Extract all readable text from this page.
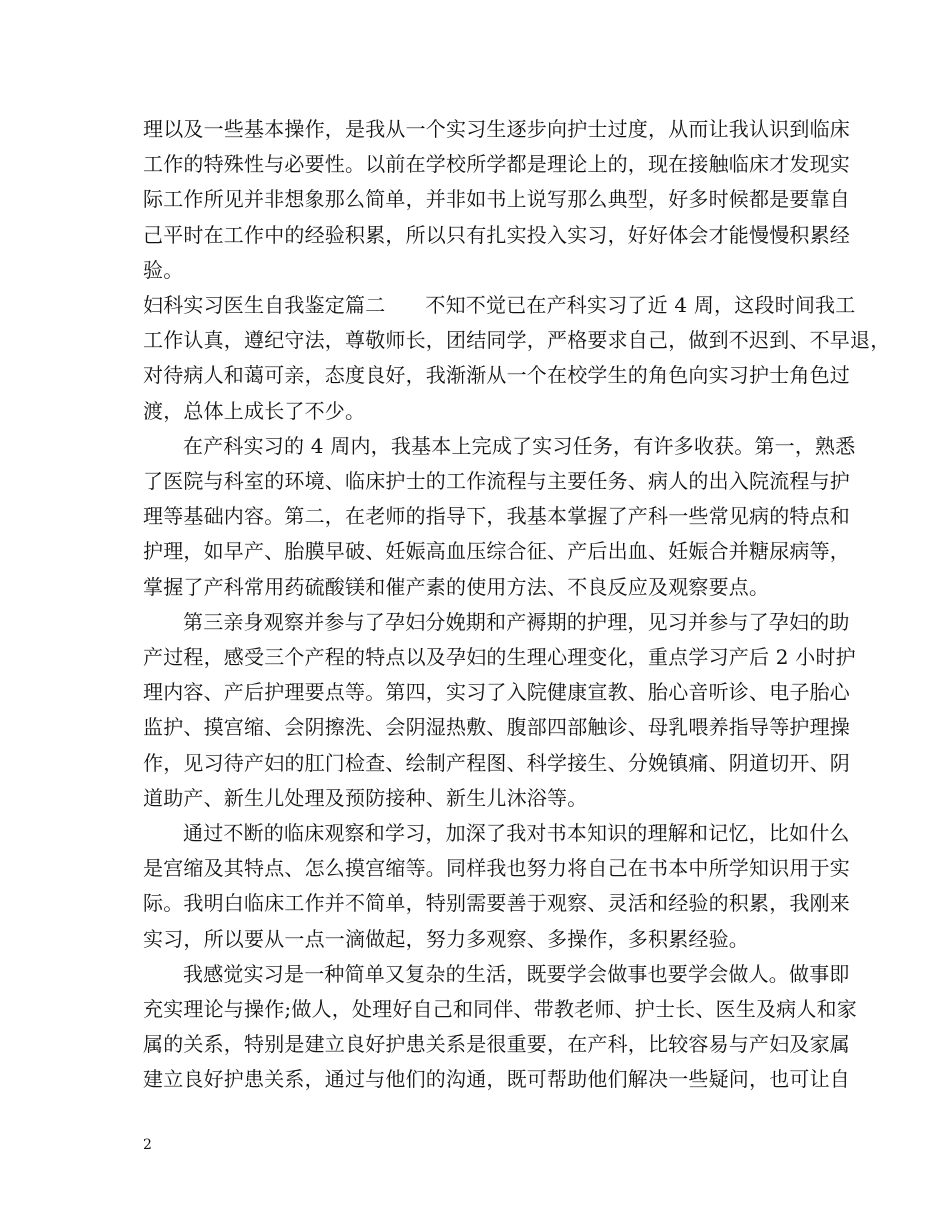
理以及一些基本操作，是我从一个实习生逐步向护士过度，从而让我认识到临床
工作的特殊性与必要性。以前在学校所学都是理论上的，现在接触临床才发现实
际工作所见并非想象那么简单，并非如书上说写那么典型，好多时候都是要靠自
己平时在工作中的经验积累，所以只有扎实投入实习，好好体会才能慢慢积累经
验。
妇科实习医生自我鉴定篇二 不知不觉已在产科实习了近 4 周，这段时间我工
工作认真，遵纪守法，尊敬师长，团结同学，严格要求自己，做到不迟到、不早退，
对待病人和蔼可亲，态度良好，我渐渐从一个在校学生的角色向实习护士角色过
渡，总体上成长了不少。
在产科实习的 4 周内，我基本上完成了实习任务，有许多收获。第一，熟悉
了医院与科室的环境、临床护士的工作流程与主要任务、病人的出入院流程与护
理等基础内容。第二，在老师的指导下，我基本掌握了产科一些常见病的特点和
护理，如早产、胎膜早破、妊娠高血压综合征、产后出血、妊娠合并糖尿病等，
掌握了产科常用药硫酸镁和催产素的使用方法、不良反应及观察要点。
第三亲身观察并参与了孕妇分娩期和产褥期的护理，见习并参与了孕妇的助
产过程，感受三个产程的特点以及孕妇的生理心理变化，重点学习产后 2 小时护
理内容、产后护理要点等。第四，实习了入院健康宣教、胎心音听诊、电子胎心
监护、摸宫缩、会阴擦洗、会阴湿热敷、腹部四部触诊、母乳喂养指导等护理操
作，见习待产妇的肛门检查、绘制产程图、科学接生、分娩镇痛、阴道切开、阴
道助产、新生儿处理及预防接种、新生儿沐浴等。
通过不断的临床观察和学习，加深了我对书本知识的理解和记忆，比如什么
是宫缩及其特点、怎么摸宫缩等。同样我也努力将自己在书本中所学知识用于实
际。我明白临床工作并不简单，特别需要善于观察、灵活和经验的积累，我刚来
实习，所以要从一点一滴做起，努力多观察、多操作，多积累经验。
我感觉实习是一种简单又复杂的生活，既要学会做事也要学会做人。做事即
充实理论与操作;做人，处理好自己和同伴、带教老师、护士长、医生及病人和家
属的关系，特别是建立良好护患关系是很重要，在产科，比较容易与产妇及家属
建立良好护患关系，通过与他们的沟通，既可帮助他们解决一些疑问，也可让自
2
